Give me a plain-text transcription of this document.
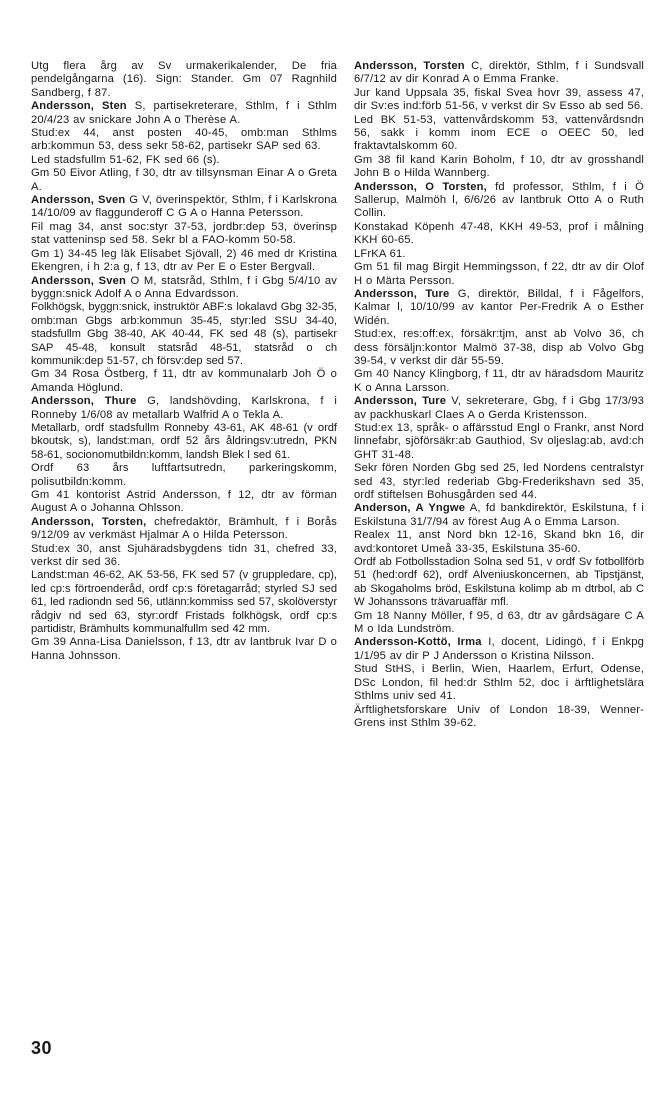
Utg flera årg av Sv urmakerikalender, De fria pendelgångarna (16). Sign: Stander. Gm 07 Ragnhild Sandberg, f 87.

Andersson, Sten S, partisekreterare, Sthlm, f i Sthlm 20/4/23 av snickare John A o Therèse A.

Stud:ex 44, anst posten 40-45, omb:man Sthlms arb:kommun 53, dess sekr 58-62, partisekr SAP sed 63.

Led stadsfullm 51-62, FK sed 66 (s).

Gm 50 Eivor Atling, f 30, dtr av tillsynsman Einar A o Greta A.

Andersson, Sven G V, överinspektör, Sthlm, f i Karlskrona 14/10/09 av flaggunderoff C G A o Hanna Petersson.

Fil mag 34, anst soc:styr 37-53, jordbr:dep 53, överinsp stat vatteninsp sed 58. Sekr bl a FAO-komm 50-58.

Gm 1) 34-45 leg läk Elisabet Sjövall, 2) 46 med dr Kristina Ekengren, i h 2:a g, f 13, dtr av Per E o Ester Bergvall.

Andersson, Sven O M, statsråd, Sthlm, f i Gbg 5/4/10 av byggn:snick Adolf A o Anna Edvardsson.

Folkhögsk, byggn:snick, instruktör ABF:s lokalavd Gbg 32-35, omb:man Gbgs arb:kommun 35-45, styr:led SSU 34-40, stadsfullm Gbg 38-40, AK 40-44, FK sed 48 (s), partisekr SAP 45-48, konsult statsråd 48-51, statsråd o ch kommunik:dep 51-57, ch försv:dep sed 57.

Gm 34 Rosa Östberg, f 11, dtr av kommunalarb Joh Ö o Amanda Höglund.

Andersson, Thure G, landshövding, Karlskrona, f i Ronneby 1/6/08 av metallarb Walfrid A o Tekla A.

Metallarb, ordf stadsfullm Ronneby 43-61, AK 48-61 (v ordf bkoutsk, s), landst:man, ordf 52 års åldringsv:utredn, PKN 58-61, socionomutbildn:komm, landsh Blek l sed 61.

Ordf 63 års luftfartsutredn, parkeringskomm, polisutbildn:komm.

Gm 41 kontorist Astrid Andersson, f 12, dtr av förman August A o Johanna Ohlsson.

Andersson, Torsten, chefredaktör, Brämhult, f i Borås 9/12/09 av verkmäst Hjalmar A o Hilda Petersson.

Stud:ex 30, anst Sjuhäradsbygdens tidn 31, chefred 33, verkst dir sed 36.

Landst:man 46-62, AK 53-56, FK sed 57 (v gruppledare, cp), led cp:s förtroenderåd, ordf cp:s företagarråd; styrled SJ sed 61, led radiondn sed 56, utlänn:kommiss sed 57, skolöverstyr rådgiv nd sed 63, styr:ordf Fristads folkhögsk, ordf cp:s partidistr, Brämhults kommunalfullm sed 42 mm.

Gm 39 Anna-Lisa Danielsson, f 13, dtr av lantbruk Ivar D o Hanna Johnsson.

Andersson, Torsten C, direktör, Sthlm, f i Sundsvall 6/7/12 av dir Konrad A o Emma Franke.

Jur kand Uppsala 35, fiskal Svea hovr 39, assess 47, dir Sv:es ind:förb 51-56, v verkst dir Sv Esso ab sed 56.

Led BK 51-53, vattenvårdskomm 53, vattenvårdsndn 56, sakk i komm inom ECE o OEEC 50, led fraktavtalskomm 60.

Gm 38 fil kand Karin Boholm, f 10, dtr av grosshandl John B o Hilda Wannberg.

Andersson, O Torsten, fd professor, Sthlm, f i Ö Sallerup, Malmöh l, 6/6/26 av lantbruk Otto A o Ruth Collin.

Konstakad Köpenh 47-48, KKH 49-53, prof i målning KKH 60-65.

LFrKA 61.

Gm 51 fil mag Birgit Hemmingsson, f 22, dtr av dir Olof H o Märta Persson.

Andersson, Ture G, direktör, Billdal, f i Fågelfors, Kalmar l, 10/10/99 av kantor Per-Fredrik A o Esther Widén.

Stud:ex, res:off:ex, försäkr:tjm, anst ab Volvo 36, ch dess försäljn:kontor Malmö 37-38, disp ab Volvo Gbg 39-54, v verkst dir där 55-59.

Gm 40 Nancy Klingborg, f 11, dtr av häradsdom Mauritz K o Anna Larsson.

Andersson, Ture V, sekreterare, Gbg, f i Gbg 17/3/93 av packhuskarl Claes A o Gerda Kristensson.

Stud:ex 13, språk- o affärsstud Engl o Frankr, anst Nord linnefabr, sjöförsäkr:ab Gauthiod, Sv oljeslag:ab, avd:ch GHT 31-48.

Sekr fören Norden Gbg sed 25, led Nordens centralstyr sed 43, styr:led rederiab Gbg-Frederikshavn sed 35, ordf stiftelsen Bohusgården sed 44.

Anderson, A Yngwe A, fd bankdirektör, Eskilstuna, f i Eskilstuna 31/7/94 av förest Aug A o Emma Larson.

Realex 11, anst Nord bkn 12-16, Skand bkn 16, dir avd:kontoret Umeå 33-35, Eskilstuna 35-60.

Ordf ab Fotbollsstadion Solna sed 51, v ordf Sv fotbollförb 51 (hed:ordf 62), ordf Alveniuskoncernen, ab Tipstjänst, ab Skogaholms bröd, Eskilstuna kolimp ab m dtrbol, ab C W Johanssons trävaruaffär mfl.

Gm 18 Nanny Möller, f 95, d 63, dtr av gårdsägare C A M o Ida Lundström.

Andersson-Kottö, Irma I, docent, Lidingö, f i Enkpg 1/1/95 av dir P J Andersson o Kristina Nilsson.

Stud StHS, i Berlin, Wien, Haarlem, Erfurt, Odense, DSc London, fil hed:dr Sthlm 52, doc i ärftlighetslära Sthlms univ sed 41.

Ärftlighetsforskare Univ of London 18-39, Wenner-Grens inst Sthlm 39-62.

30
